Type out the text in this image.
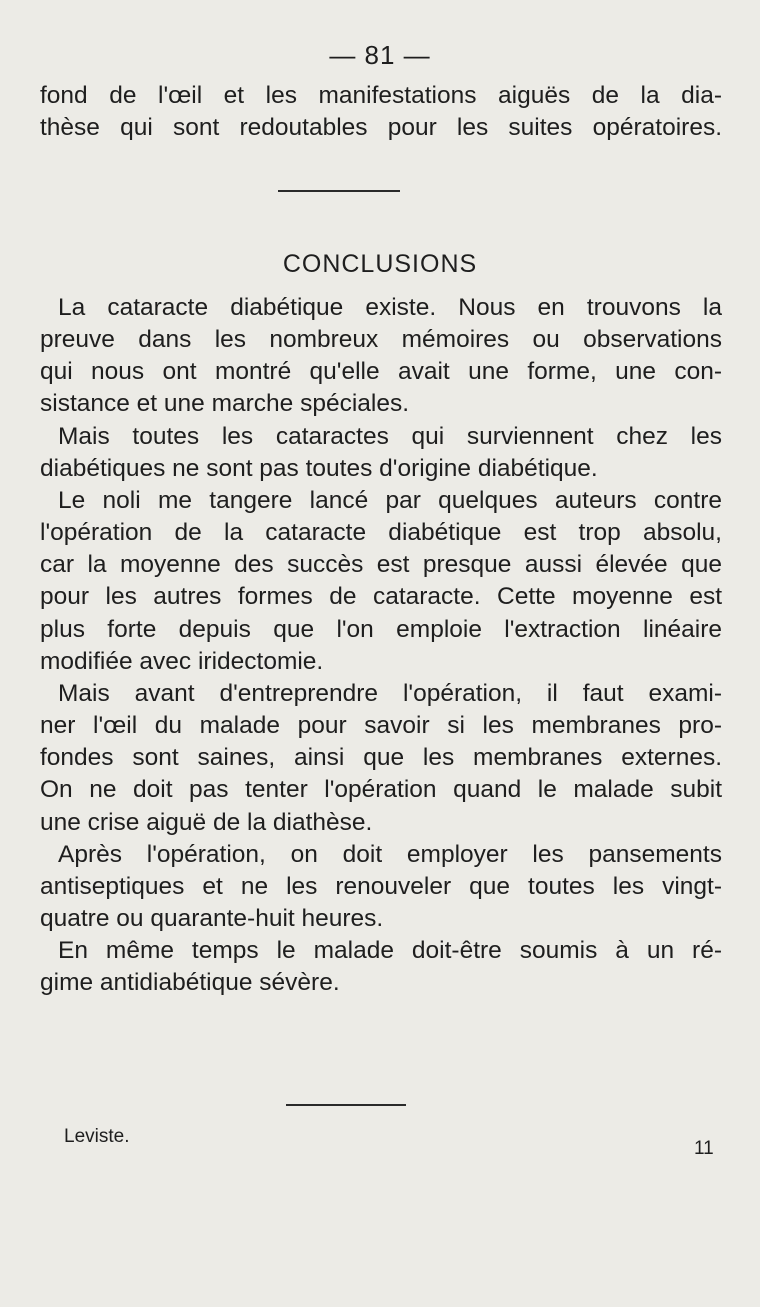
— 81 —
fond de l'œil et les manifestations aiguës de la dia-
thèse qui sont redoutables pour les suites opératoires.
CONCLUSIONS
La cataracte diabétique existe. Nous en trouvons la
preuve dans les nombreux mémoires ou observations
qui nous ont montré qu'elle avait une forme, une con-
sistance et une marche spéciales.
Mais toutes les cataractes qui surviennent chez les
diabétiques ne sont pas toutes d'origine diabétique.
Le noli me tangere lancé par quelques auteurs contre
l'opération de la cataracte diabétique est trop absolu,
car la moyenne des succès est presque aussi élevée que
pour les autres formes de cataracte. Cette moyenne est
plus forte depuis que l'on emploie l'extraction linéaire
modifiée avec iridectomie.
Mais avant d'entreprendre l'opération, il faut exami-
ner l'œil du malade pour savoir si les membranes pro-
fondes sont saines, ainsi que les membranes externes.
On ne doit pas tenter l'opération quand le malade subit
une crise aiguë de la diathèse.
Après l'opération, on doit employer les pansements
antiseptiques et ne les renouveler que toutes les vingt-
quatre ou quarante-huit heures.
En même temps le malade doit-être soumis à un ré-
gime antidiabétique sévère.
Leviste.
11
